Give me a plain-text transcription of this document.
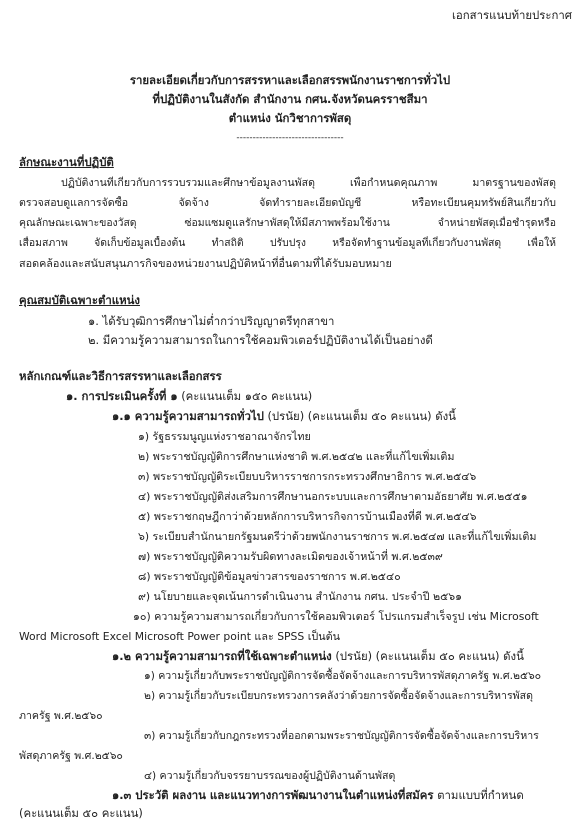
เอกสารแนบท้ายประกาศ
รายละเอียดเกี่ยวกับการสรรหาและเลือกสรรพนักงานราชการทั่วไป
ที่ปฏิบัติงานในสังกัด สำนักงาน กศน.จังหวัดนครราชสีมา
ตำแหน่ง นักวิชาการพัสดุ
---------------------------------
ลักษณะงานที่ปฏิบัติ
ปฏิบัติงานที่เกี่ยวกับการรวบรวมและศึกษาข้อมูลงานพัสดุ เพื่อกำหนดคุณภาพ มาตรฐานของพัสดุ
ตรวจสอบดูแลการจัดซื้อ จัดจ้าง จัดทำรายละเอียดบัญชี หรือทะเบียนคุมทรัพย์สินเกี่ยวกับ
คุณลักษณะเฉพาะของวัสดุ ซ่อมแซมดูแลรักษาพัสดุให้มีสภาพพร้อมใช้งาน จำหน่ายพัสดุเมื่อชำรุดหรือ
เสื่อมสภาพ จัดเก็บข้อมูลเบื้องต้น ทำสถิติ ปรับปรุง หรือจัดทำฐานข้อมูลที่เกี่ยวกับงานพัสดุ เพื่อให้
สอดคล้องและสนับสนุนภารกิจของหน่วยงานปฏิบัติหน้าที่อื่นตามที่ได้รับมอบหมาย
คุณสมบัติเฉพาะตำแหน่ง
๑. ได้รับวุฒิการศึกษาไม่ต่ำกว่าปริญญาตรีทุกสาขา
๒. มีความรู้ความสามารถในการใช้คอมพิวเตอร์ปฏิบัติงานได้เป็นอย่างดี
หลักเกณฑ์และวิธีการสรรหาและเลือกสรร
๑. การประเมินครั้งที่ ๑ (คะแนนเต็ม ๑๕๐ คะแนน)
๑.๑ ความรู้ความสามารถทั่วไป (ปรนัย) (คะแนนเต็ม ๕๐ คะแนน) ดังนี้
๑) รัฐธรรมนูญแห่งราชอาณาจักรไทย
๒) พระราชบัญญัติการศึกษาแห่งชาติ พ.ศ.๒๕๔๒ และที่แก้ไขเพิ่มเติม
๓) พระราชบัญญัติระเบียบบริหารราชการกระทรวงศึกษาธิการ พ.ศ.๒๕๔๖
๔) พระราชบัญญัติส่งเสริมการศึกษานอกระบบและการศึกษาตามอัธยาศัย พ.ศ.๒๕๕๑
๕) พระราชกฤษฎีกาว่าด้วยหลักการบริหารกิจการบ้านเมืองที่ดี พ.ศ.๒๕๔๖
๖) ระเบียบสำนักนายกรัฐมนตรีว่าด้วยพนักงานราชการ พ.ศ.๒๕๔๗ และที่แก้ไขเพิ่มเติม
๗) พระราชบัญญัติความรับผิดทางละเมิดของเจ้าหน้าที่ พ.ศ.๒๕๓๙
๘) พระราชบัญญัติข้อมูลข่าวสารของราชการ พ.ศ.๒๕๔๐
๙) นโยบายและจุดเน้นการดำเนินงาน สำนักงาน กศน. ประจำปี ๒๕๖๑
๑๐) ความรู้ความสามารถเกี่ยวกับการใช้คอมพิวเตอร์ โปรแกรมสำเร็จรูป เช่น Microsoft
Word Microsoft Excel Microsoft Power point และ SPSS เป็นต้น
๑.๒ ความรู้ความสามารถที่ใช้เฉพาะตำแหน่ง (ปรนัย) (คะแนนเต็ม ๕๐ คะแนน) ดังนี้
๑) ความรู้เกี่ยวกับพระราชบัญญัติการจัดซื้อจัดจ้างและการบริหารพัสดุภาครัฐ พ.ศ.๒๕๖๐
๒) ความรู้เกี่ยวกับระเบียบกระทรวงการคลังว่าด้วยการจัดซื้อจัดจ้างและการบริหารพัสดุ
ภาครัฐ พ.ศ.๒๕๖๐
๓) ความรู้เกี่ยวกับกฎกระทรวงที่ออกตามพระราชบัญญัติการจัดซื้อจัดจ้างและการบริหาร
พัสดุภาครัฐ พ.ศ.๒๕๖๐
๔) ความรู้เกี่ยวกับจรรยาบรรณของผู้ปฏิบัติงานด้านพัสดุ
๑.๓ ประวัติ ผลงาน และแนวทางการพัฒนางานในตำแหน่งที่สมัคร ตามแบบที่กำหนด
(คะแนนเต็ม ๕๐ คะแนน)
